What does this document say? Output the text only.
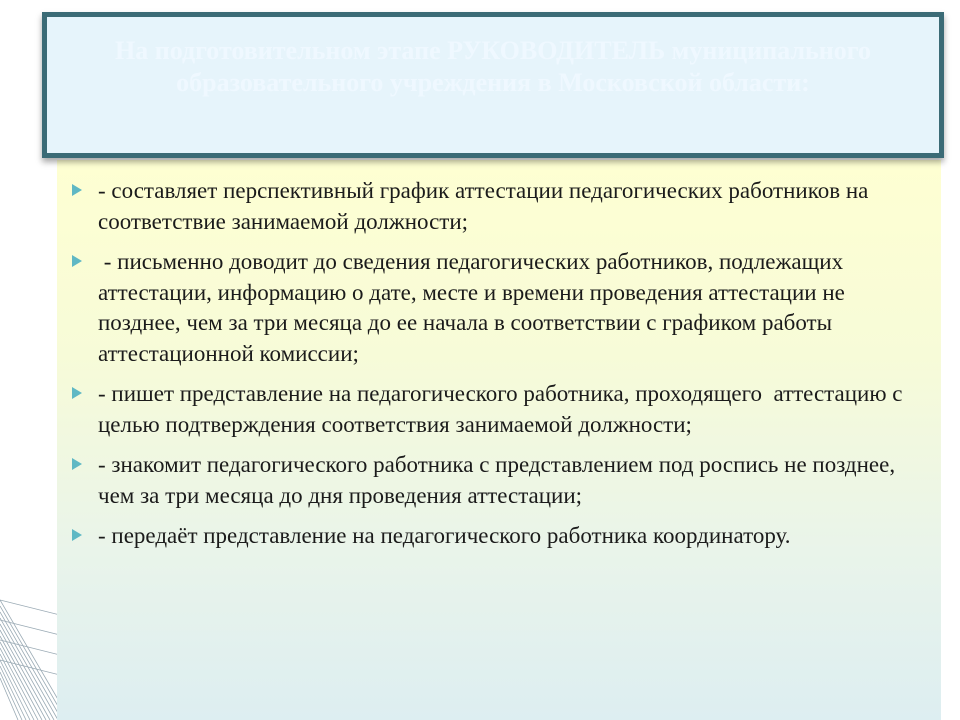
На подготовительном этапе РУКОВОДИТЕЛЬ муниципального образовательного учреждения в Московской области:

- составляет перспективный график аттестации педагогических работников на соответствие занимаемой должности;
- письменно доводит до сведения педагогических работников, подлежащих аттестации, информацию о дате, месте и времени проведения аттестации не позднее, чем за три месяца до ее начала в соответствии с графиком работы аттестационной комиссии;
- пишет представление на педагогического работника, проходящего  аттестацию с целью подтверждения соответствия занимаемой должности;
- знакомит педагогического работника с представлением под роспись не позднее, чем за три месяца до дня проведения аттестации;
- передаёт представление на педагогического работника координатору.
